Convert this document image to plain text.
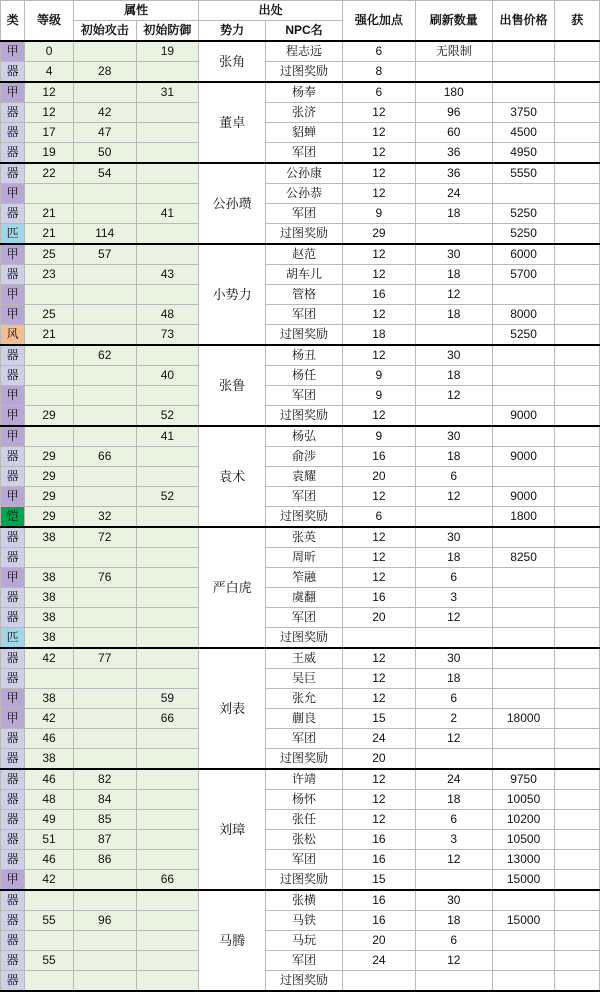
类	等级	属性		出处		强化加点	刷新数量	出售价格	获
		初始攻击	初始防御	势力	NPC名				

甲	0		19	张角	程志远	6	无限制		

器	4	28			过图奖励	8			

甲	12		31	董卓	杨奉	6	180		

器	12	42			张济	12	96	3750	

器	17	47			貂蝉	12	60	4500	

器	19	50			军团	12	36	4950	

器	22	54		公孙瓒	公孙康	12	36	5550	

甲					公孙恭	12	24		

器	21		41		军团	9	18	5250	

匹	21	114			过图奖励	29		5250	

甲	25	57		小势力	赵范	12	30	6000	

器	23		43		胡车儿	12	18	5700	

甲					管格	16	12		

甲	25		48		军团	12	18	8000	

风	21		73		过图奖励	18		5250	

器		62		张鲁	杨丑	12	30		

器			40		杨任	9	18		

甲					军团	9	12		

甲	29		52		过图奖励	12		9000	

甲			41	袁术	杨弘	9	30		

器	29	66			俞涉	16	18	9000	

器	29				袁耀	20	6		

甲	29		52		军团	12	12	9000	

铠	29	32			过图奖励	6		1800	

器	38	72		严白虎	张英	12	30		

器					周昕	12	18	8250	

甲	38	76			笮融	12	6		

器	38				虞翻	16	3		

器	38				军团	20	12		

匹	38				过图奖励				

器	42	77		刘表	王威	12	30		

器					吴巨	12	18		

甲	38		59		张允	12	6		

甲	42		66		蒯良	15	2	18000	

器	46				军团	24	12		

器	38				过图奖励	20			

器	46	82		刘璋	许靖	12	24	9750	

器	48	84			杨怀	12	18	10050	

器	49	85			张任	12	6	10200	

器	51	87			张松	16	3	10500	

器	46	86			军团	16	12	13000	

甲	42		66		过图奖励	15		15000	

器				马腾	张横	16	30		

器	55	96			马铁	16	18	15000	

器					马玩	20	6		

器	55				军团	24	12		

器					过图奖励				
